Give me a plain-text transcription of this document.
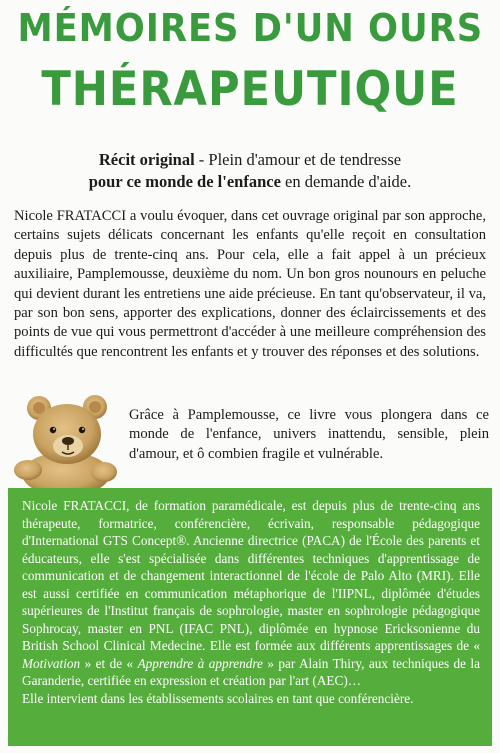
MÉMOIRES D'UN OURS
THÉRAPEUTIQUE
Récit original - Plein d'amour et de tendresse
pour ce monde de l'enfance en demande d'aide.
Nicole FRATACCI a voulu évoquer, dans cet ouvrage original par son approche, certains sujets délicats concernant les enfants qu'elle reçoit en consultation depuis plus de trente-cinq ans. Pour cela, elle a fait appel à un précieux auxiliaire, Pamplemousse, deuxième du nom. Un bon gros nounours en peluche qui devient durant les entretiens une aide précieuse. En tant qu'observateur, il va, par son bon sens, apporter des explications, donner des éclaircissements et des points de vue qui vous permettront d'accéder à une meilleure compréhension des difficultés que rencontrent les enfants et y trouver des réponses et des solutions.
Grâce à Pamplemousse, ce livre vous plongera dans ce monde de l'enfance, univers inattendu, sensible, plein d'amour, et ô combien fragile et vulnérable.
Nicole FRATACCI, de formation paramédicale, est depuis plus de trente-cinq ans thérapeute, formatrice, conférencière, écrivain, responsable pédagogique d'International GTS Concept®. Ancienne directrice (PACA) de l'École des parents et éducateurs, elle s'est spécialisée dans différentes techniques d'apprentissage de communication et de changement interactionnel de l'école de Palo Alto (MRI). Elle est aussi certifiée en communication métaphorique de l'IIPNL, diplômée d'études supérieures de l'Institut français de sophrologie, master en sophrologie pédagogique Sophrocay, master en PNL (IFAC PNL), diplômée en hypnose Ericksonienne du British School Clinical Medecine. Elle est formée aux différents apprentissages de « Motivation » et de « Apprendre à apprendre » par Alain Thiry, aux techniques de la Garanderie, certifiée en expression et création par l'art (AEC)…
Elle intervient dans les établissements scolaires en tant que conférencière.
